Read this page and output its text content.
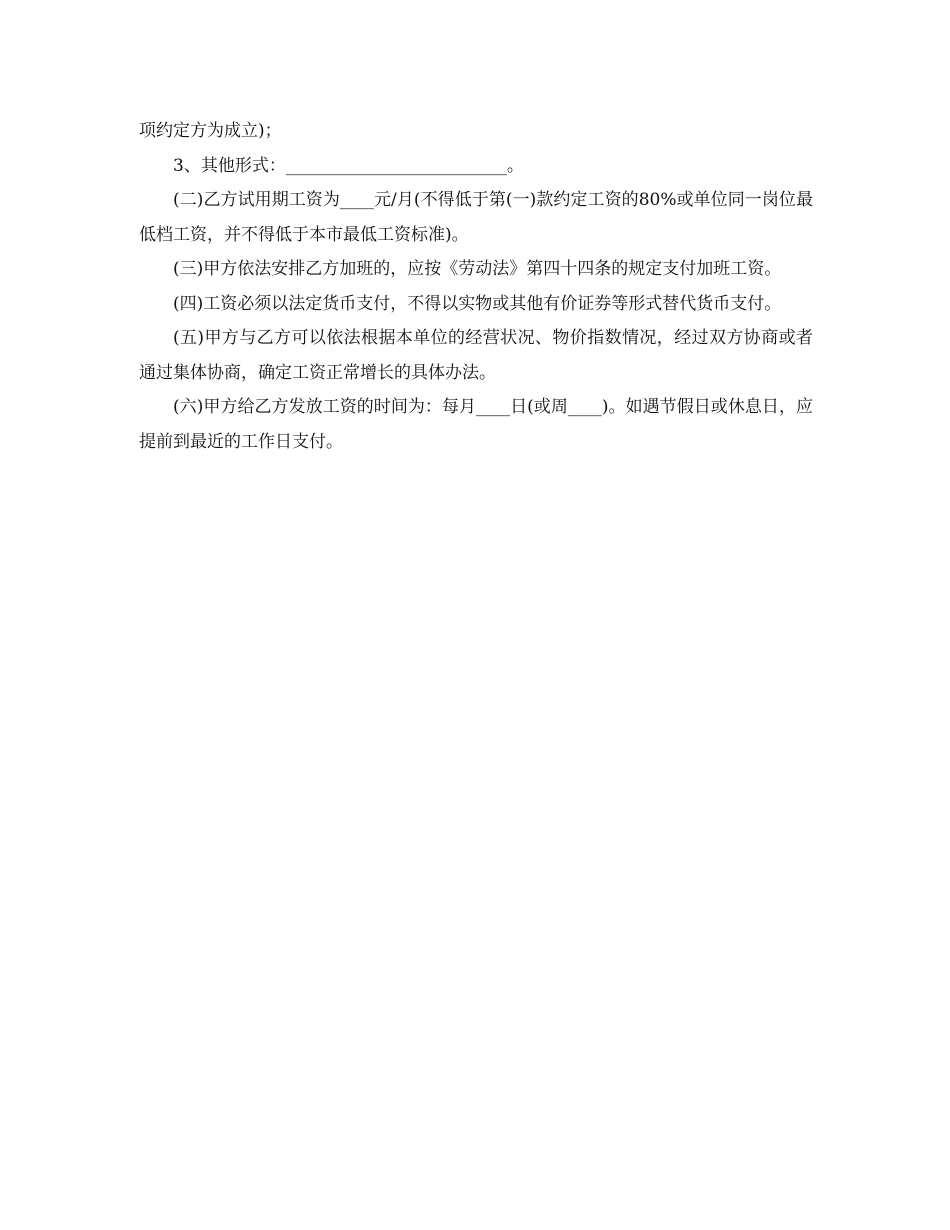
项约定方为成立)；

3、其他形式：__________________________。

(二)乙方试用期工资为____元/月(不得低于第(一)款约定工资的80%或单位同一岗位最低档工资，并不得低于本市最低工资标准)。

(三)甲方依法安排乙方加班的，应按《劳动法》第四十四条的规定支付加班工资。

(四)工资必须以法定货币支付，不得以实物或其他有价证券等形式替代货币支付。

(五)甲方与乙方可以依法根据本单位的经营状况、物价指数情况，经过双方协商或者通过集体协商，确定工资正常增长的具体办法。

(六)甲方给乙方发放工资的时间为：每月____日(或周____)。如遇节假日或休息日，应提前到最近的工作日支付。
